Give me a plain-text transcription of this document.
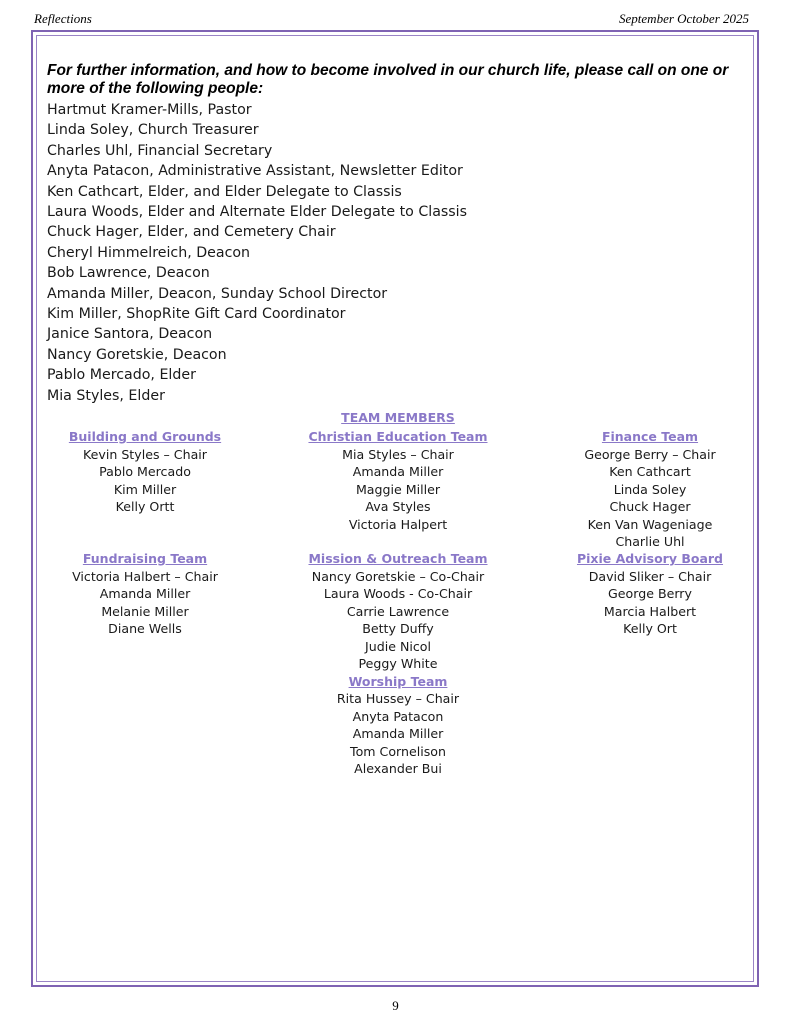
Reflections	September October 2025
For further information, and how to become involved in our church life, please call on one or more of the following people:
Hartmut Kramer-Mills, Pastor
Linda Soley, Church Treasurer
Charles Uhl, Financial Secretary
Anyta Patacon, Administrative Assistant, Newsletter Editor
Ken Cathcart, Elder, and Elder Delegate to Classis
Laura Woods, Elder and Alternate Elder Delegate to Classis
Chuck Hager, Elder, and Cemetery Chair
Cheryl Himmelreich, Deacon
Bob Lawrence, Deacon
Amanda Miller, Deacon, Sunday School Director
Kim Miller, ShopRite Gift Card Coordinator
Janice Santora, Deacon
Nancy Goretskie, Deacon
Pablo Mercado, Elder
Mia Styles, Elder
TEAM MEMBERS
Building and Grounds
Kevin Styles – Chair
Pablo Mercado
Kim Miller
Kelly Ortt
Christian Education Team
Mia Styles – Chair
Amanda Miller
Maggie Miller
Ava Styles
Victoria Halpert
Finance Team
George Berry – Chair
Ken Cathcart
Linda Soley
Chuck Hager
Ken Van Wageniage
Charlie Uhl
Fundraising Team
Victoria Halbert – Chair
Amanda Miller
Melanie Miller
Diane Wells
Mission & Outreach Team
Nancy Goretskie – Co-Chair
Laura Woods - Co-Chair
Carrie Lawrence
Betty Duffy
Judie Nicol
Peggy White
Worship Team
Rita Hussey – Chair
Anyta Patacon
Amanda Miller
Tom Cornelison
Alexander Bui
Pixie Advisory Board
David Sliker – Chair
George Berry
Marcia Halbert
Kelly Ort
9
